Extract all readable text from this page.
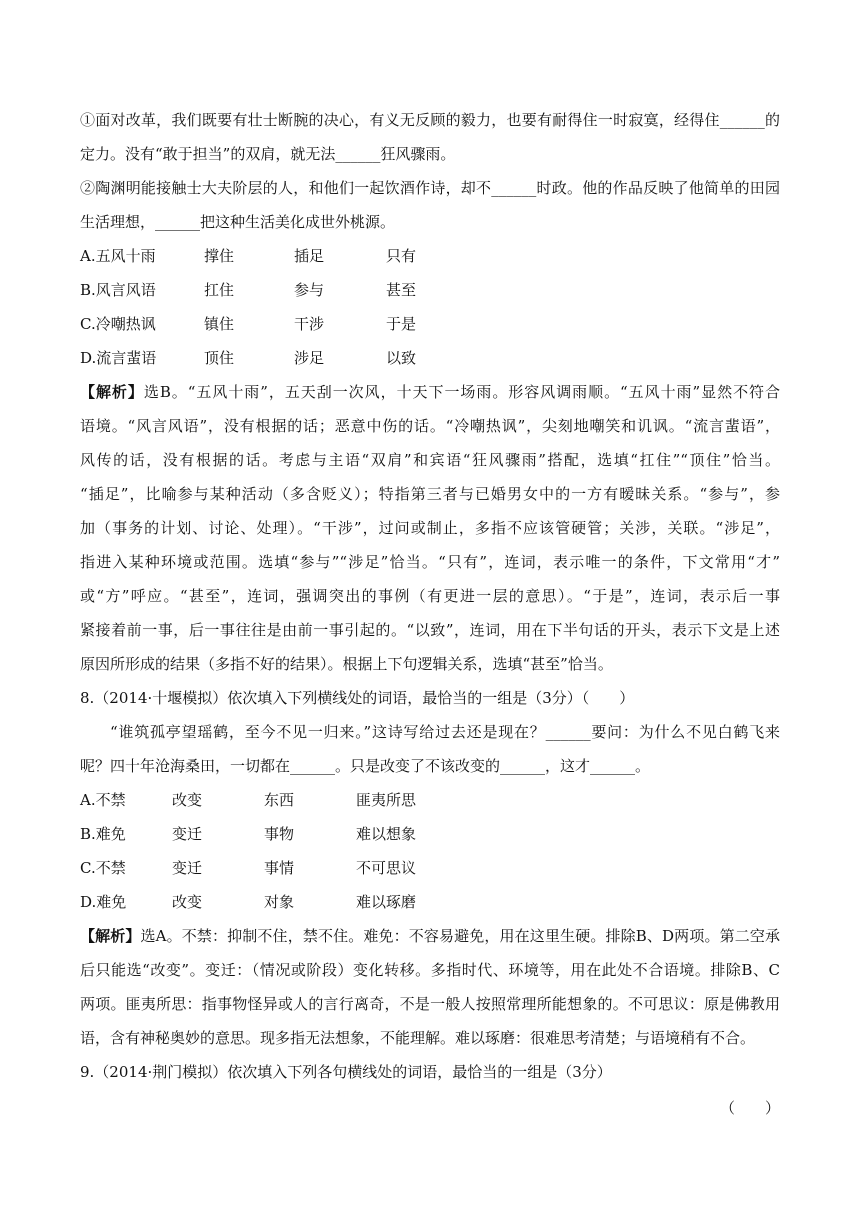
①面对改革，我们既要有壮士断腕的决心，有义无反顾的毅力，也要有耐得住一时寂寞，经得住______的
定力。没有“敢于担当”的双肩，就无法______狂风骤雨。
②陶渊明能接触士大夫阶层的人，和他们一起饮酒作诗，却不______时政。他的作品反映了他简单的田园
生活理想，______把这种生活美化成世外桃源。
A.五风十雨	撑住	插足	只有
B.风言风语	扛住	参与	甚至
C.冷嘲热讽	镇住	干涉	于是
D.流言蜚语	顶住	涉足	以致
【解析】选B。“五风十雨”，五天刮一次风，十天下一场雨。形容风调雨顺。“五风十雨”显然不符合
语境。“风言风语”，没有根据的话；恶意中伤的话。“冷嘲热讽”，尖刻地嘲笑和讥讽。“流言蜚语”，
风传的话，没有根据的话。考虑与主语“双肩”和宾语“狂风骤雨”搭配，选填“扛住”“顶住”恰当。
“插足”，比喻参与某种活动（多含贬义）；特指第三者与已婚男女中的一方有暧昧关系。“参与”，参
加（事务的计划、讨论、处理）。“干涉”，过问或制止，多指不应该管硬管；关涉，关联。“涉足”，
指进入某种环境或范围。选填“参与”“涉足”恰当。“只有”，连词，表示唯一的条件，下文常用“才”
或“方”呼应。“甚至”，连词，强调突出的事例（有更进一层的意思）。“于是”，连词，表示后一事
紧接着前一事，后一事往往是由前一事引起的。“以致”，连词，用在下半句话的开头，表示下文是上述
原因所形成的结果（多指不好的结果）。根据上下句逻辑关系，选填“甚至”恰当。
8.（2014·十堰模拟）依次填入下列横线处的词语，最恰当的一组是（3分）（　　）
“谁筑孤亭望瑶鹤，至今不见一归来。”这诗写给过去还是现在？______要问：为什么不见白鹤飞来
呢？四十年沧海桑田，一切都在______。只是改变了不该改变的______，这才______。
A.不禁	改变	东西	匪夷所思
B.难免	变迁	事物	难以想象
C.不禁	变迁	事情	不可思议
D.难免	改变	对象	难以琢磨
【解析】选A。不禁：抑制不住，禁不住。难免：不容易避免，用在这里生硬。排除B、D两项。第二空承
后只能选“改变”。变迁：（情况或阶段）变化转移。多指时代、环境等，用在此处不合语境。排除B、C
两项。匪夷所思：指事物怪异或人的言行离奇，不是一般人按照常理所能想象的。不可思议：原是佛教用
语，含有神秘奥妙的意思。现多指无法想象，不能理解。难以琢磨：很难思考清楚；与语境稍有不合。
9.（2014·荆门模拟）依次填入下列各句横线处的词语，最恰当的一组是（3分）
（　　）
